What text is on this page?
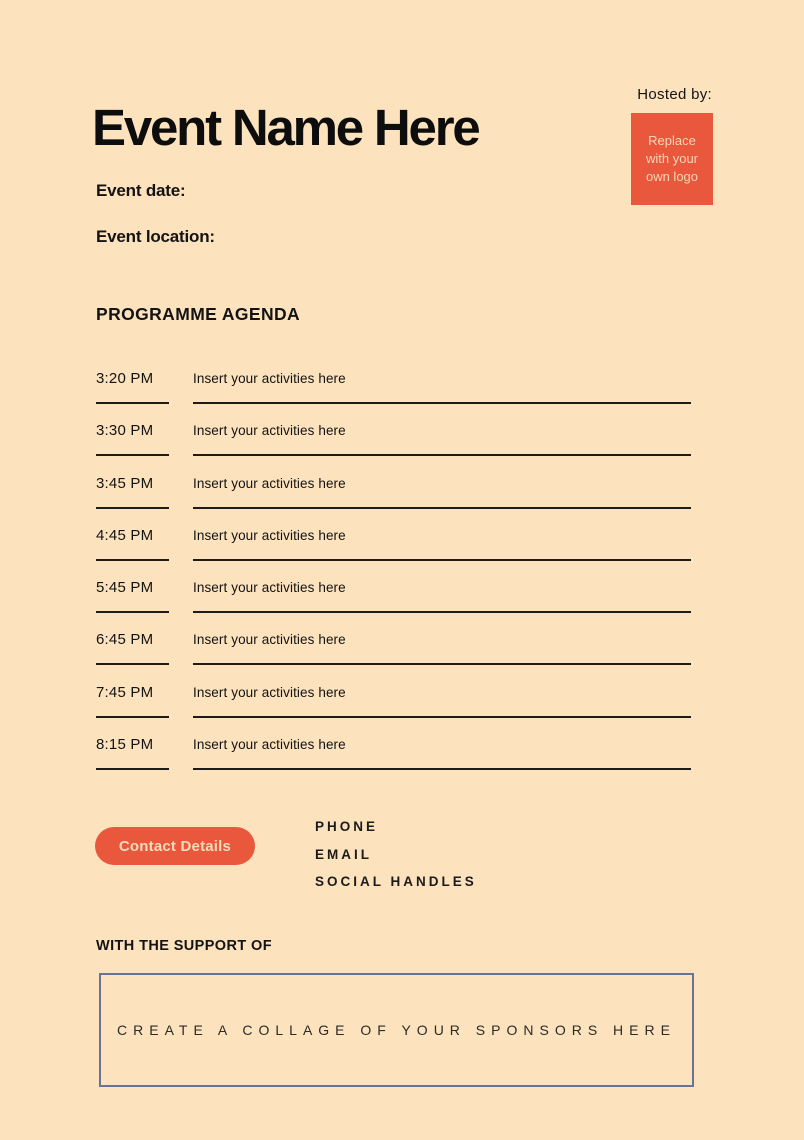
Hosted by:
Replace with your own logo
Event Name Here
Event date:
Event location:
PROGRAMME AGENDA
3:20 PM	Insert your activities here
3:30 PM	Insert your activities here
3:45 PM	Insert your activities here
4:45 PM	Insert your activities here
5:45 PM	Insert your activities here
6:45 PM	Insert your activities here
7:45 PM	Insert your activities here
8:15 PM	Insert your activities here
Contact Details
PHONE
EMAIL
SOCIAL HANDLES
WITH THE SUPPORT OF
CREATE A COLLAGE OF YOUR SPONSORS HERE
